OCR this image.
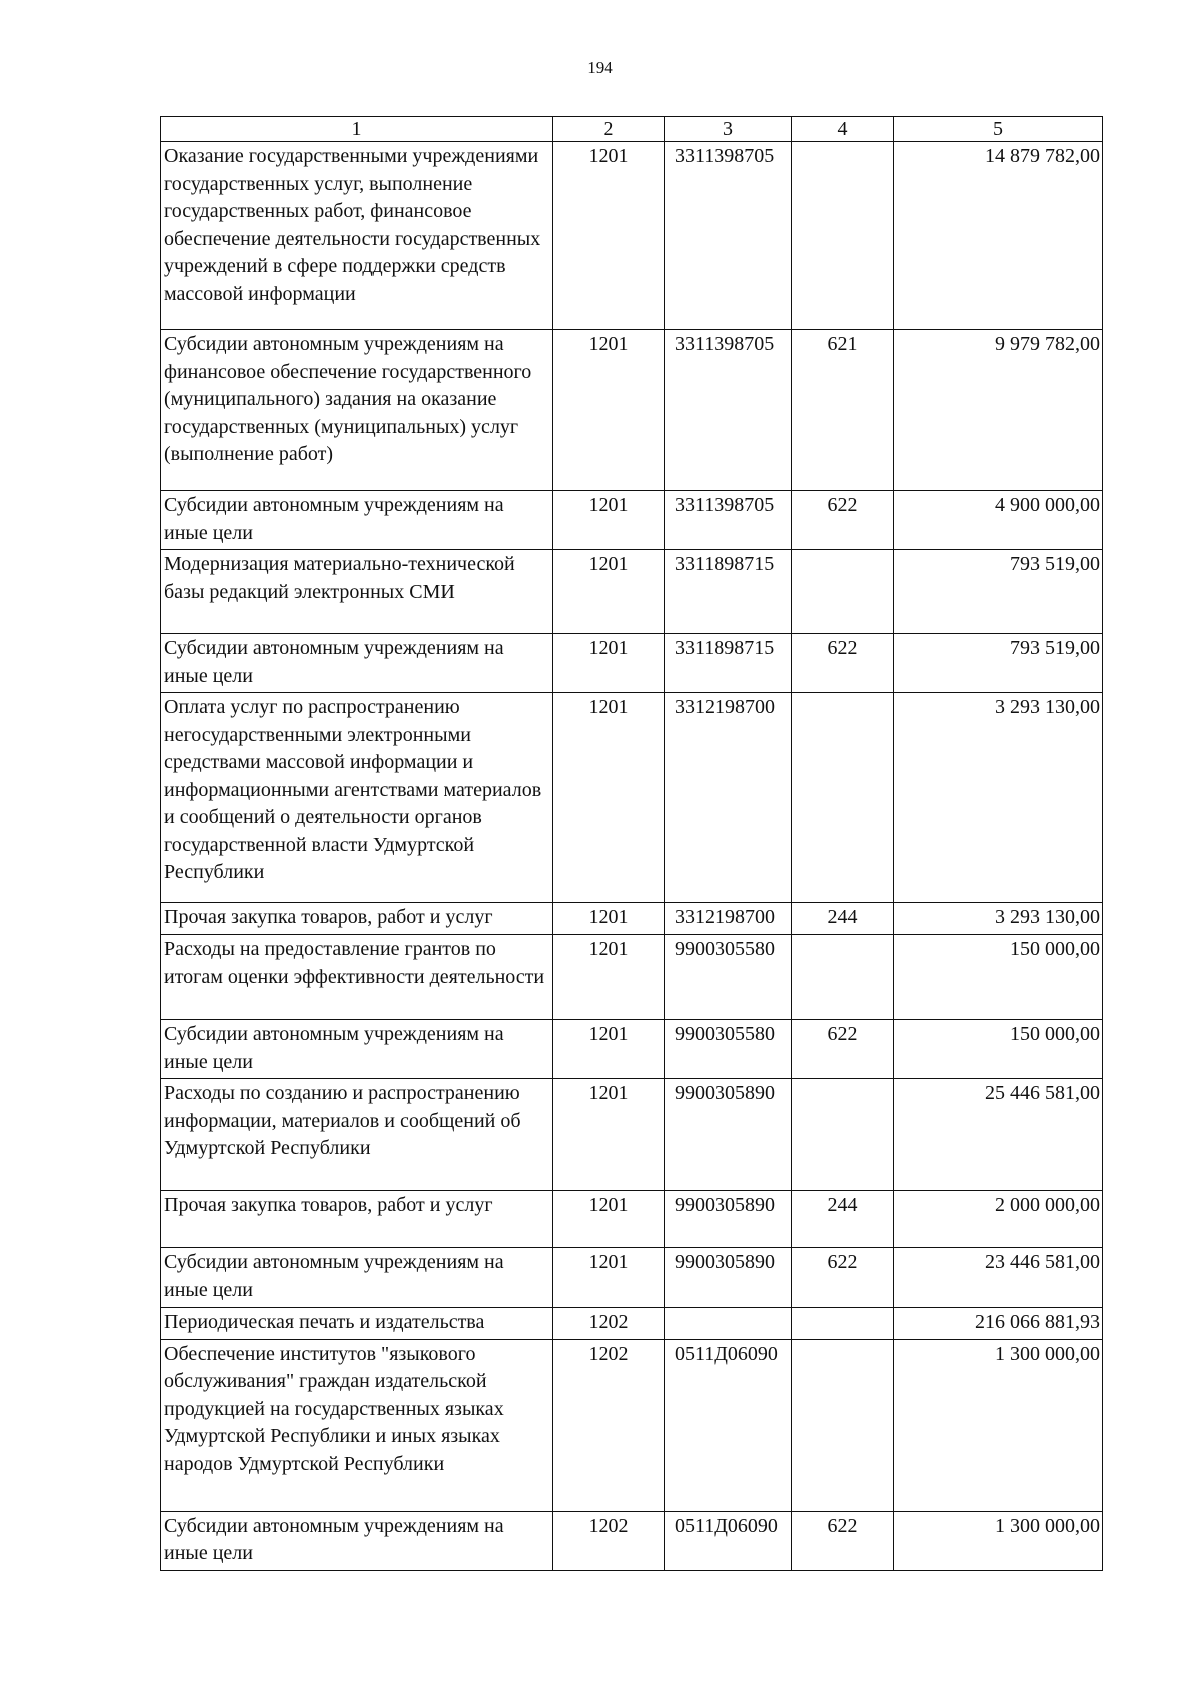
194
1	2	3	4	5
Оказание государственными учреждениями государственных услуг, выполнение государственных работ, финансовое обеспечение деятельности государственных учреждений в сфере поддержки средств массовой информации	1201	3311398705		14 879 782,00
Субсидии автономным учреждениям на финансовое обеспечение государственного (муниципального) задания на оказание государственных (муниципальных) услуг (выполнение работ)	1201	3311398705	621	9 979 782,00
Субсидии автономным учреждениям на иные цели	1201	3311398705	622	4 900 000,00
Модернизация материально-технической базы редакций электронных СМИ	1201	3311898715		793 519,00
Субсидии автономным учреждениям на иные цели	1201	3311898715	622	793 519,00
Оплата услуг по распространению негосударственными электронными средствами массовой информации и информационными агентствами материалов и сообщений о деятельности органов государственной власти Удмуртской Республики	1201	3312198700		3 293 130,00
Прочая закупка товаров, работ и услуг	1201	3312198700	244	3 293 130,00
Расходы на предоставление грантов по итогам оценки эффективности деятельности	1201	9900305580		150 000,00
Субсидии автономным учреждениям на иные цели	1201	9900305580	622	150 000,00
Расходы по созданию и распространению информации, материалов и сообщений об Удмуртской Республики	1201	9900305890		25 446 581,00
Прочая закупка товаров, работ и услуг	1201	9900305890	244	2 000 000,00
Субсидии автономным учреждениям на иные цели	1201	9900305890	622	23 446 581,00
Периодическая печать и издательства	1202			216 066 881,93
Обеспечение институтов "языкового обслуживания" граждан издательской продукцией на государственных языках Удмуртской Республики и иных языках народов Удмуртской Республики	1202	0511Д06090		1 300 000,00
Субсидии автономным учреждениям на иные цели	1202	0511Д06090	622	1 300 000,00
